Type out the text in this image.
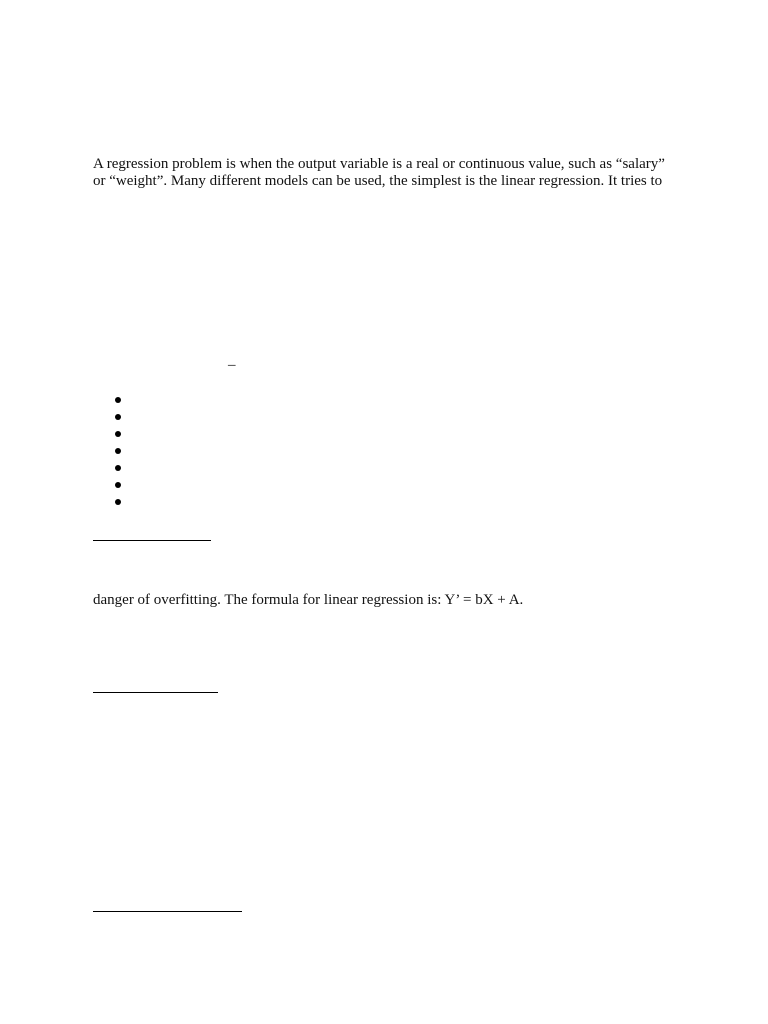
A regression problem is when the output variable is a real or continuous value, such as “salary”
or “weight”. Many different models can be used, the simplest is the linear regression. It tries to
–
danger of overfitting. The formula for linear regression is: Y’ = bX + A.
